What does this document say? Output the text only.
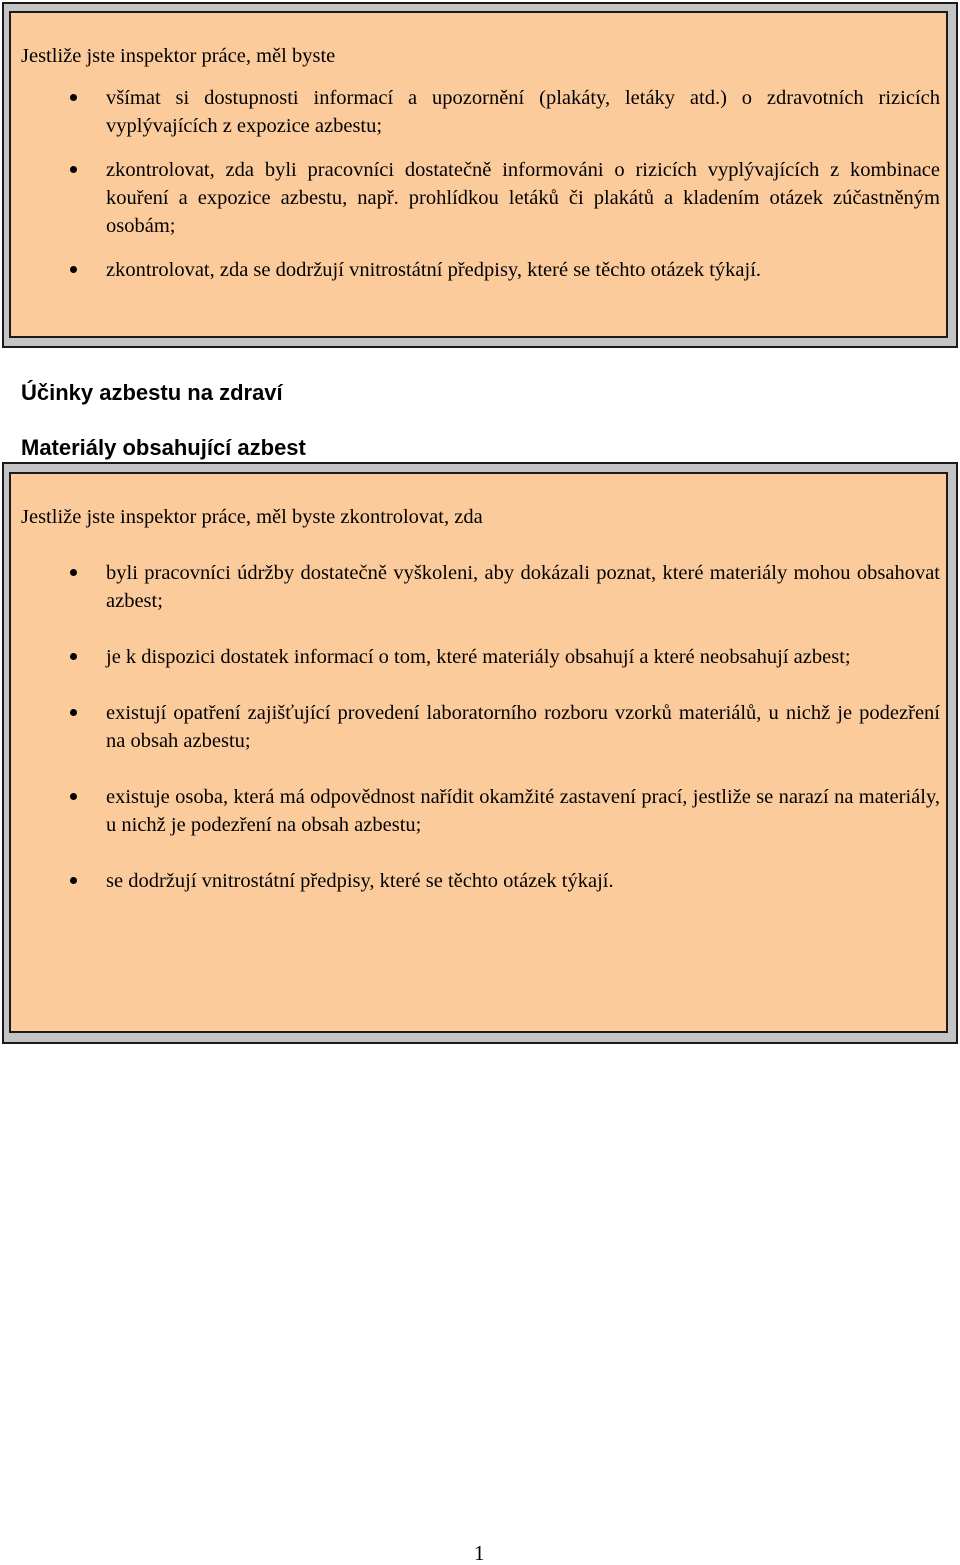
Jestliže jste inspektor práce, měl byste

všímat si dostupnosti informací a upozornění (plakáty, letáky atd.) o zdravotních rizicích vyplývajících z expozice azbestu;
zkontrolovat, zda byli pracovníci dostatečně informováni o rizicích vyplývajících z kombinace kouření a expozice azbestu, např. prohlídkou letáků či plakátů a kladením otázek zúčastněným osobám;
zkontrolovat, zda se dodržují vnitrostátní předpisy, které se těchto otázek týkají.
Účinky azbestu na zdraví
Materiály obsahující azbest

Jestliže jste inspektor práce, měl byste zkontrolovat, zda

byli pracovníci údržby dostatečně vyškoleni, aby dokázali poznat, které materiály mohou obsahovat azbest;
je k dispozici dostatek informací o tom, které materiály obsahují a které neobsahují azbest;
existují opatření zajišťující provedení laboratorního rozboru vzorků materiálů, u nichž je podezření na obsah azbestu;
existuje osoba, která má odpovědnost nařídit okamžité zastavení prací, jestliže se narazí na materiály, u nichž je podezření na obsah azbestu;
se dodržují vnitrostátní předpisy, které se těchto otázek týkají.
1
